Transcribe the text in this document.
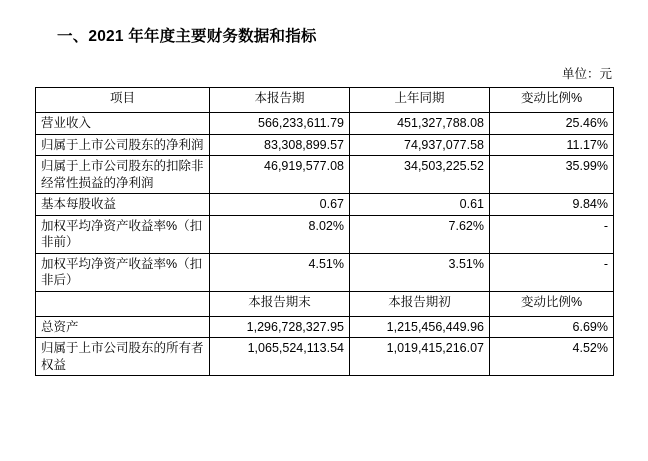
一、2021 年年度主要财务数据和指标
单位：元
项目	本报告期	上年同期	变动比例%
营业收入	566,233,611.79	451,327,788.08	25.46%
归属于上市公司股东的净利润	83,308,899.57	74,937,077.58	11.17%
归属于上市公司股东的扣除非经常性损益的净利润	46,919,577.08	34,503,225.52	35.99%
基本每股收益	0.67	0.61	9.84%
加权平均净资产收益率%（扣非前）	8.02%	7.62%	-
加权平均净资产收益率%（扣非后）	4.51%	3.51%	-
	本报告期末	本报告期初	变动比例%
总资产	1,296,728,327.95	1,215,456,449.96	6.69%
归属于上市公司股东的所有者权益	1,065,524,113.54	1,019,415,216.07	4.52%
